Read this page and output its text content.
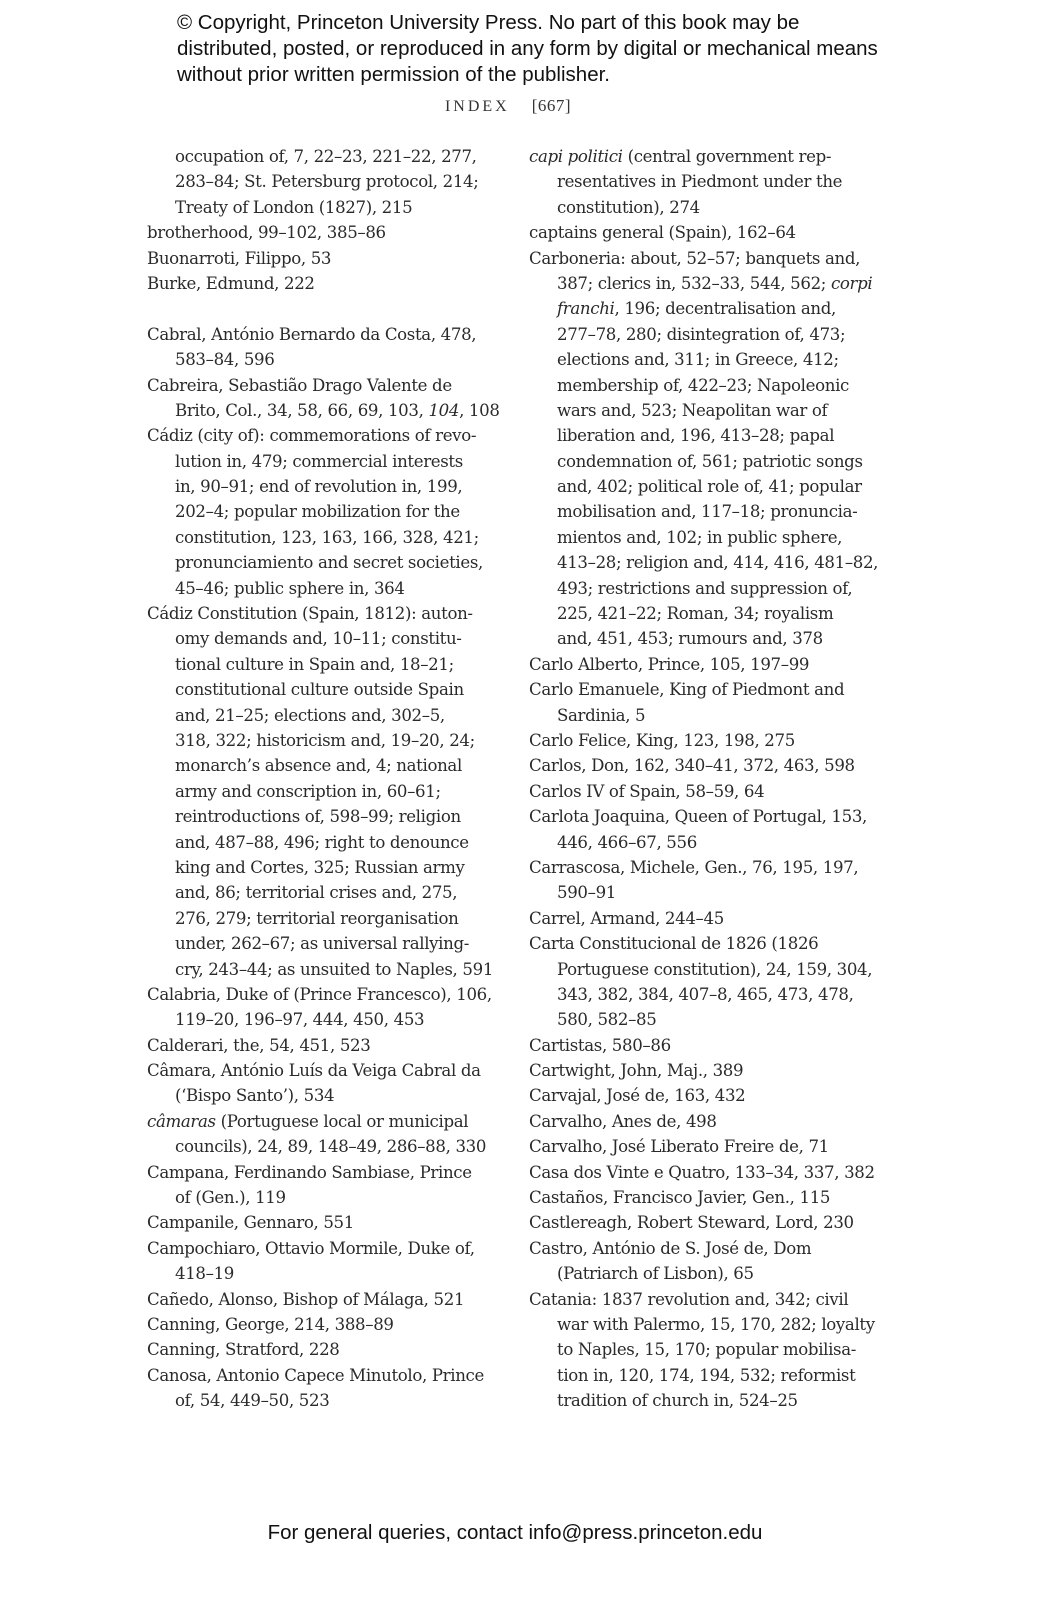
© Copyright, Princeton University Press. No part of this book may be distributed, posted, or reproduced in any form by digital or mechanical means without prior written permission of the publisher.
INDEX [667]
occupation of, 7, 22–23, 221–22, 277,
283–84; St. Petersburg protocol, 214;
Treaty of London (1827), 215
brotherhood, 99–102, 385–86
Buonarroti, Filippo, 53
Burke, Edmund, 222
Cabral, António Bernardo da Costa, 478,
583–84, 596
Cabreira, Sebastião Drago Valente de
Brito, Col., 34, 58, 66, 69, 103, 104, 108
Cádiz (city of): commemorations of revo-
lution in, 479; commercial interests
in, 90–91; end of revolution in, 199,
202–4; popular mobilization for the
constitution, 123, 163, 166, 328, 421;
pronunciamiento and secret societies,
45–46; public sphere in, 364
Cádiz Constitution (Spain, 1812): auton-
omy demands and, 10–11; constitu-
tional culture in Spain and, 18–21;
constitutional culture outside Spain
and, 21–25; elections and, 302–5,
318, 322; historicism and, 19–20, 24;
monarch’s absence and, 4; national
army and conscription in, 60–61;
reintroductions of, 598–99; religion
and, 487–88, 496; right to denounce
king and Cortes, 325; Russian army
and, 86; territorial crises and, 275,
276, 279; territorial reorganisation
under, 262–67; as universal rallying-
cry, 243–44; as unsuited to Naples, 591
Calabria, Duke of (Prince Francesco), 106,
119–20, 196–97, 444, 450, 453
Calderari, the, 54, 451, 523
Câmara, António Luís da Veiga Cabral da
(‘Bispo Santo’), 534
câmaras (Portuguese local or municipal
councils), 24, 89, 148–49, 286–88, 330
Campana, Ferdinando Sambiase, Prince
of (Gen.), 119
Campanile, Gennaro, 551
Campochiaro, Ottavio Mormile, Duke of,
418–19
Cañedo, Alonso, Bishop of Málaga, 521
Canning, George, 214, 388–89
Canning, Stratford, 228
Canosa, Antonio Capece Minutolo, Prince
of, 54, 449–50, 523
capi politici (central government rep-
resentatives in Piedmont under the
constitution), 274
captains general (Spain), 162–64
Carboneria: about, 52–57; banquets and,
387; clerics in, 532–33, 544, 562; corpi
franchi, 196; decentralisation and,
277–78, 280; disintegration of, 473;
elections and, 311; in Greece, 412;
membership of, 422–23; Napoleonic
wars and, 523; Neapolitan war of
liberation and, 196, 413–28; papal
condemnation of, 561; patriotic songs
and, 402; political role of, 41; popular
mobilisation and, 117–18; pronuncia-
mientos and, 102; in public sphere,
413–28; religion and, 414, 416, 481–82,
493; restrictions and suppression of,
225, 421–22; Roman, 34; royalism
and, 451, 453; rumours and, 378
Carlo Alberto, Prince, 105, 197–99
Carlo Emanuele, King of Piedmont and
Sardinia, 5
Carlo Felice, King, 123, 198, 275
Carlos, Don, 162, 340–41, 372, 463, 598
Carlos IV of Spain, 58–59, 64
Carlota Joaquina, Queen of Portugal, 153,
446, 466–67, 556
Carrascosa, Michele, Gen., 76, 195, 197,
590–91
Carrel, Armand, 244–45
Carta Constitucional de 1826 (1826
Portuguese constitution), 24, 159, 304,
343, 382, 384, 407–8, 465, 473, 478,
580, 582–85
Cartistas, 580–86
Cartwight, John, Maj., 389
Carvajal, José de, 163, 432
Carvalho, Anes de, 498
Carvalho, José Liberato Freire de, 71
Casa dos Vinte e Quatro, 133–34, 337, 382
Castaños, Francisco Javier, Gen., 115
Castlereagh, Robert Steward, Lord, 230
Castro, António de S. José de, Dom
(Patriarch of Lisbon), 65
Catania: 1837 revolution and, 342; civil
war with Palermo, 15, 170, 282; loyalty
to Naples, 15, 170; popular mobilisa-
tion in, 120, 174, 194, 532; reformist
tradition of church in, 524–25
For general queries, contact info@press.princeton.edu
